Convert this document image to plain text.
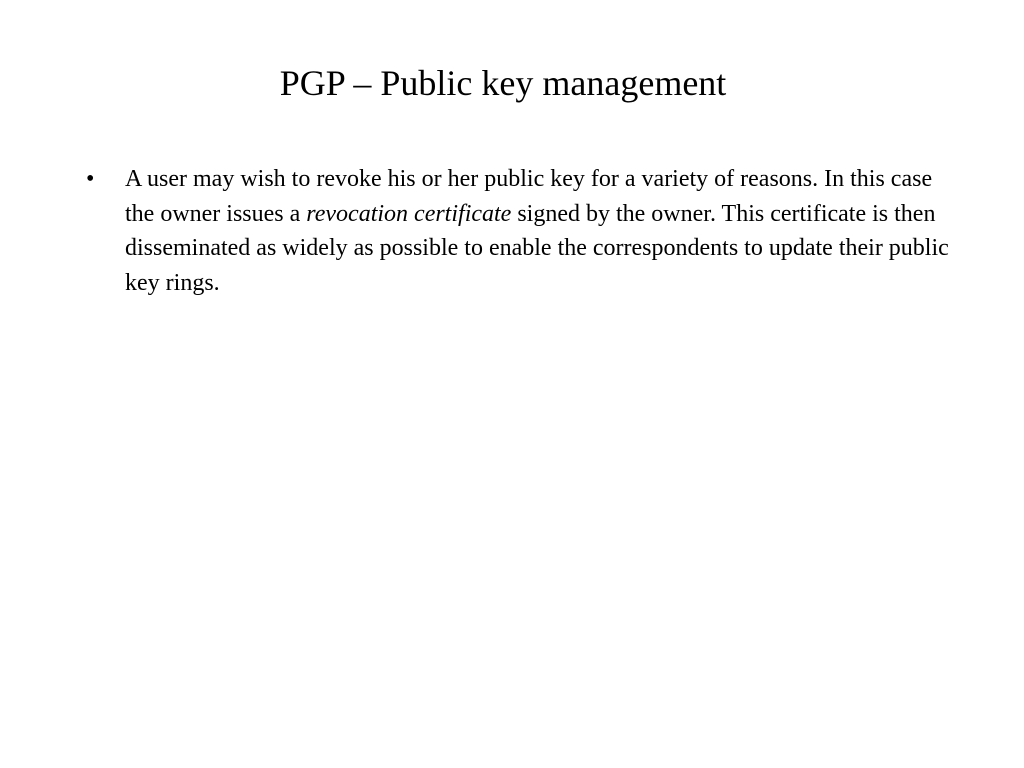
PGP – Public key management
•	A user may wish to revoke his or her public key for a variety of reasons. In this case the owner issues a revocation certificate signed by the owner. This certificate is then disseminated as widely as possible to enable the correspondents to update their public key rings.
